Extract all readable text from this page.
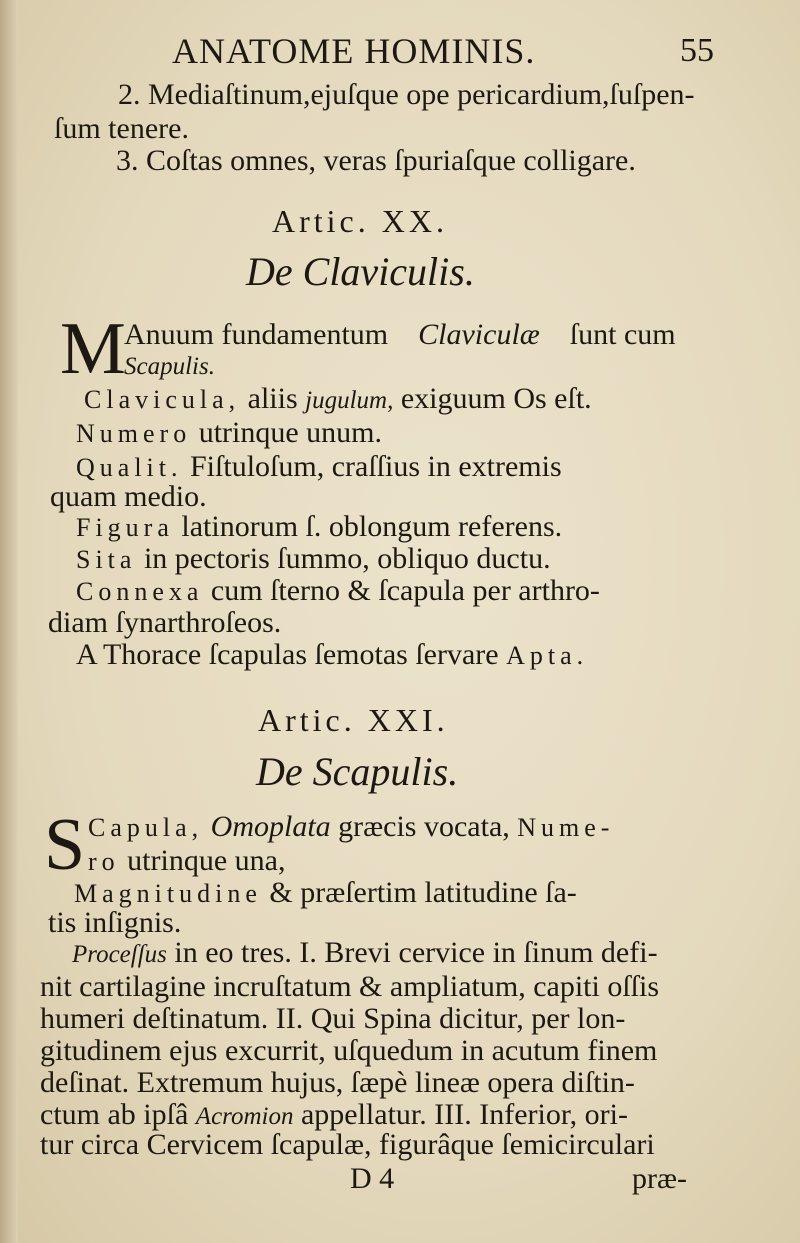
ANATOME HOMINIS.	55
2. Mediaſtinum,ejuſque ope pericardium,ſuſpen-
ſum tenere.
3. Coſtas omnes, veras ſpuriaſque colligare.
Artic. XX.
De Claviculis.
M
Anuum fundamentum Claviculæ ſunt cum
Scapulis.
Clavicula, aliis jugulum, exiguum Os eſt.
Numero utrinque unum.
Qualit. Fiſtuloſum, craſſius in extremis
quam medio.
Figura latinorum ſ. oblongum referens.
Sita in pectoris ſummo, obliquo ductu.
Connexa cum ſterno & ſcapula per arthro-
diam ſynarthroſeos.
A Thorace ſcapulas ſemotas ſervare Apta.
Artic. XXI.
De Scapulis.
S Capula, Omoplata græcis vocata, Nume-
ro utrinque una,
Magnitudine & præſertim latitudine ſa-
tis inſignis.
Proceſſus in eo tres. I. Brevi cervice in ſinum defi-
nit cartilagine incruſtatum & ampliatum, capiti oſſis
humeri deſtinatum. II. Qui Spina dicitur, per lon-
gitudinem ejus excurrit, uſquedum in acutum finem
deſinat. Extremum hujus, ſæpè lineæ opera diſtin-
ctum ab ipſâ Acromion appellatur. III. Inferior, ori-
tur circa Cervicem ſcapulæ, figurâque ſemicirculari
D 4	præ-
